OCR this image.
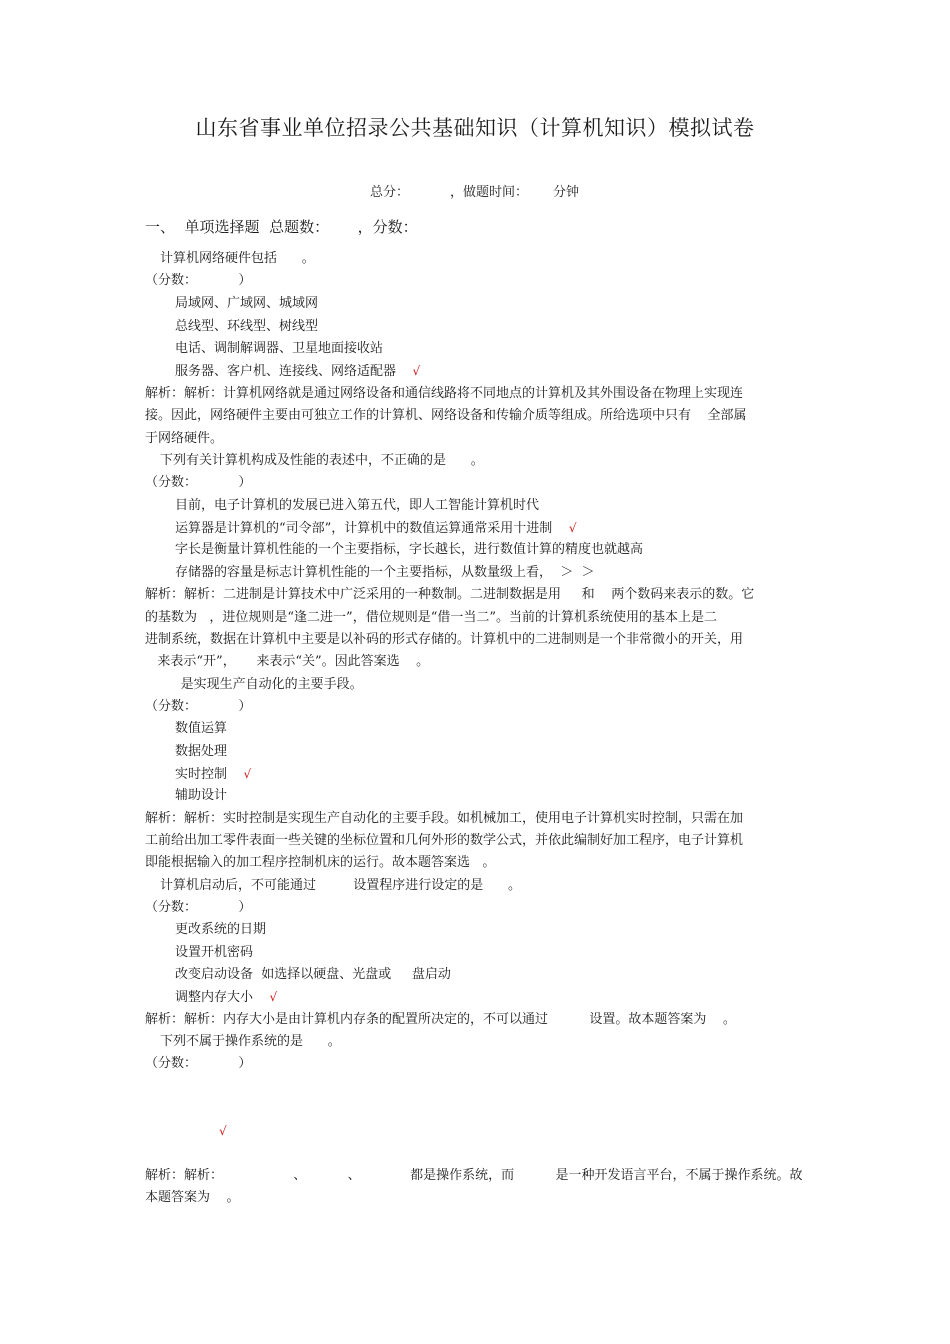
山东省事业单位招录公共基础知识（计算机知识）模拟试卷
总分：	，做题时间： 分钟
一、  单项选择题  总题数：      ，分数：
计算机网络硬件包括      。
（分数：          ）
局域网、广域网、城域网
总线型、环线型、树线型
电话、调制解调器、卫星地面接收站
服务器、客户机、连接线、网络适配器 √
解析：解析：计算机网络就是通过网络设备和通信线路将不同地点的计算机及其外围设备在物理上实现连
接。因此，网络硬件主要由可独立工作的计算机、网络设备和传输介质等组成。所给选项中只有    全部属
于网络硬件。
下列有关计算机构成及性能的表述中，不正确的是      。
（分数：          ）
目前，电子计算机的发展已进入第五代，即人工智能计算机时代
运算器是计算机的“司令部”，计算机中的数值运算通常采用十进制 √
字长是衡量计算机性能的一个主要指标，字长越长，进行数值计算的精度也就越高
存储器的容量是标志计算机性能的一个主要指标，从数量级上看，  ＞  ＞
解析：解析：二进制是计算技术中广泛采用的一种数制。二进制数据是用     和    两个数码来表示的数。它
的基数为   ，进位规则是“逢二进一”，借位规则是“借一当二”。当前的计算机系统使用的基本上是二
进制系统，数据在计算机中主要是以补码的形式存储的。计算机中的二进制则是一个非常微小的开关，用
来表示“开”，     来表示“关”。因此答案选    。
是实现生产自动化的主要手段。
（分数：          ）
数值运算
数据处理
实时控制 √
辅助设计
解析：解析：实时控制是实现生产自动化的主要手段。如机械加工，使用电子计算机实时控制，只需在加
工前给出加工零件表面一些关键的坐标位置和几何外形的数学公式，并依此编制好加工程序，电子计算机
即能根据输入的加工程序控制机床的运行。故本题答案选   。
计算机启动后，不可能通过         设置程序进行设定的是      。
（分数：          ）
更改系统的日期
设置开机密码
改变启动设备  如选择以硬盘、光盘或     盘启动
调整内存大小 √
解析：解析：内存大小是由计算机内存条的配置所决定的，不可以通过          设置。故本题答案为    。
下列不属于操作系统的是      。
（分数：          ）
√
解析：解析：                 、          、            都是操作系统，而          是一种开发语言平台，不属于操作系统。故
本题答案为    。
